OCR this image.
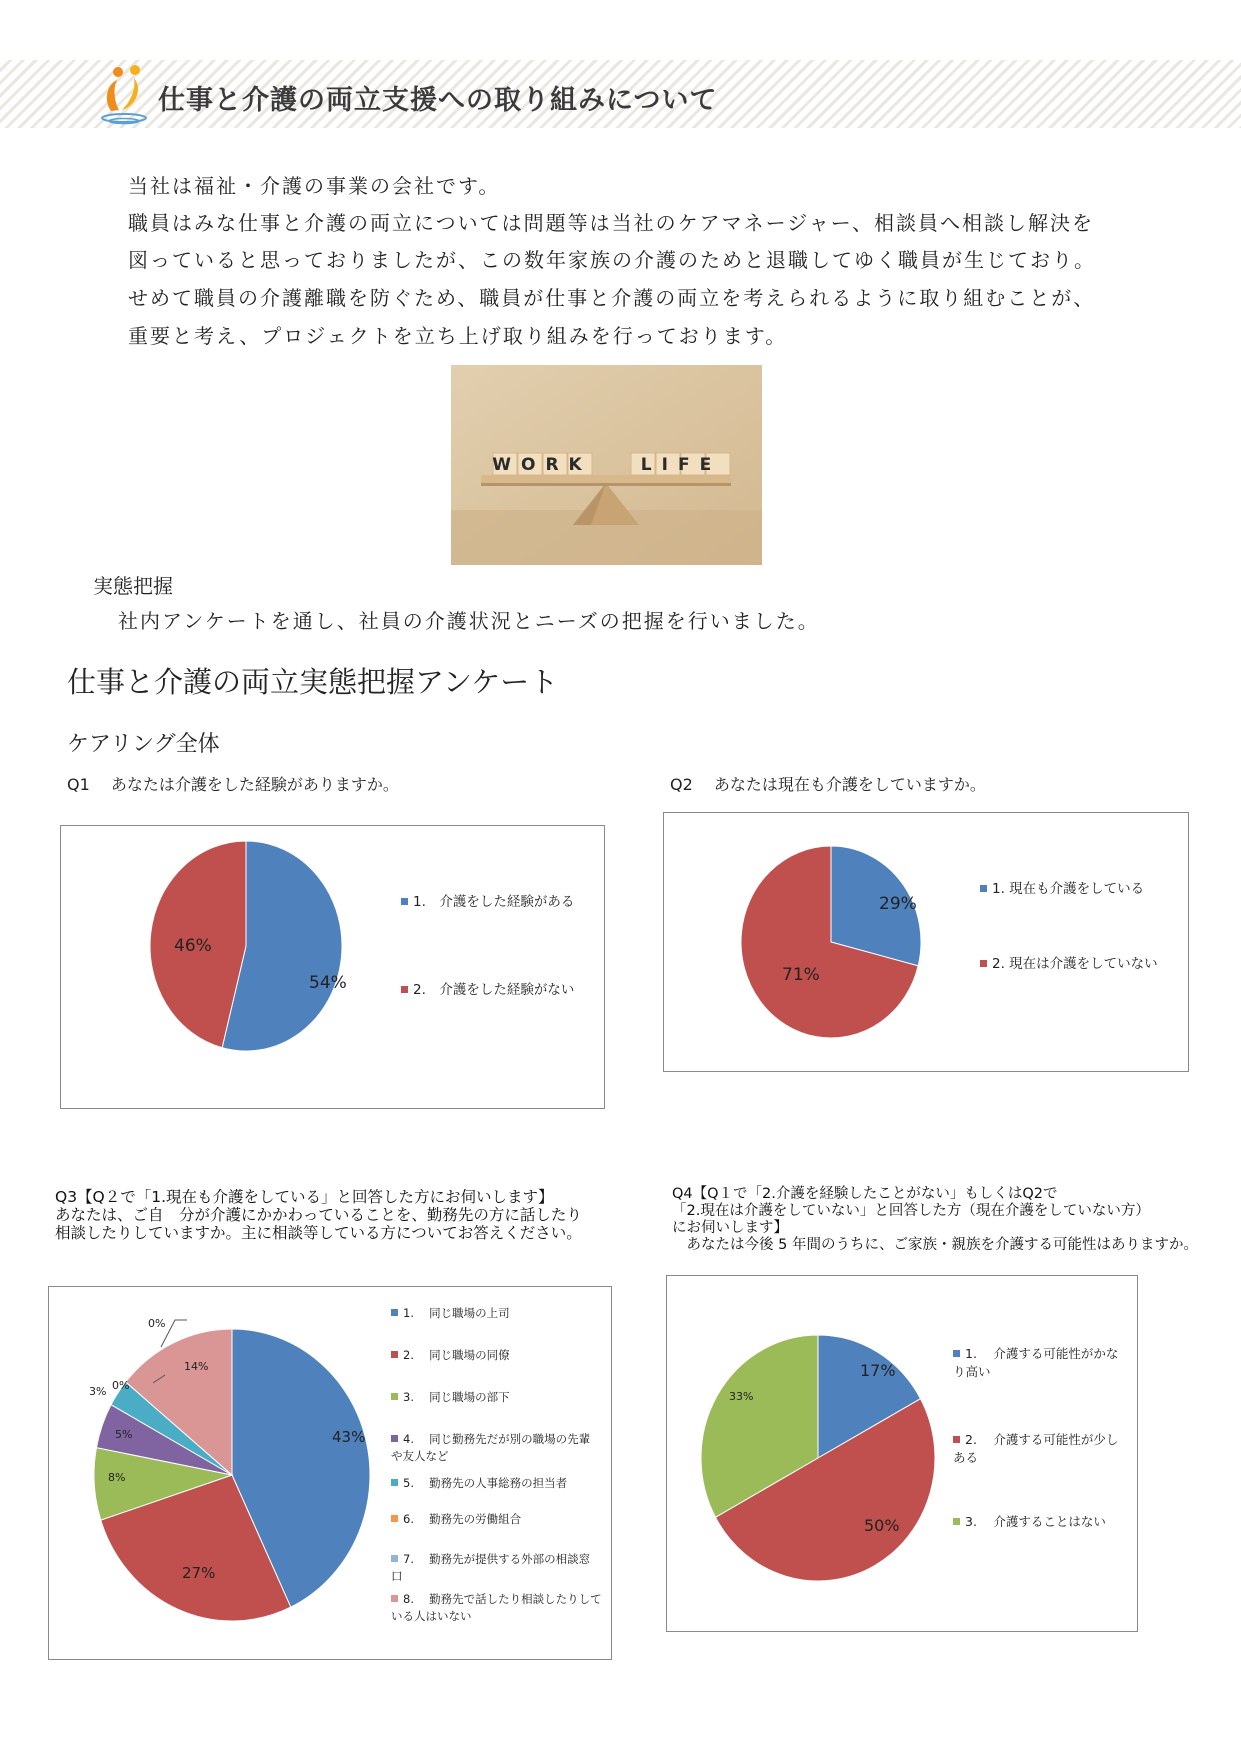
仕事と介護の両立支援への取り組みについて
当社は福祉・介護の事業の会社です。
職員はみな仕事と介護の両立については問題等は当社のケアマネージャー、相談員へ相談し解決を
図っていると思っておりましたが、この数年家族の介護のためと退職してゆく職員が生じており。
せめて職員の介護離職を防ぐため、職員が仕事と介護の両立を考えられるように取り組むことが、
重要と考え、プロジェクトを立ち上げ取り組みを行っております。
WORK	LIFE
実態把握
社内アンケートを通し、社員の介護状況とニーズの把握を行いました。
仕事と介護の両立実態把握アンケート
ケアリング全体
Q1　 あなたは介護をした経験がありますか。
54%
46%
1.　介護をした経験がある
2.　介護をした経験がない
Q2　 あなたは現在も介護をしていますか。
29%
71%
1. 現在も介護をしている
2. 現在は介護をしていない
Q3【Q２で「1.現在も介護をしている」と回答した方にお伺いします】
あなたは、ご自　分が介護にかかわっていることを、勤務先の方に話したり
相談したりしていますか。主に相談等している方についてお答えください。
43%
27%
8%
5%
3% 0%
0%
14%
1.　 同じ職場の上司
2.　 同じ職場の同僚
3.　 同じ職場の部下
4.　 同じ勤務先だが別の職場の先輩
や友人など
5.　 勤務先の人事総務の担当者
6.　 勤務先の労働組合
7.　 勤務先が提供する外部の相談窓
口
8.　 勤務先で話したり相談したりして
いる人はいない
Q4【Q１で「2.介護を経験したことがない」もしくはQ2で
「2.現在は介護をしていない」と回答した方（現在介護をしていない方）
にお伺いします】
　あなたは今後 5 年間のうちに、ご家族・親族を介護する可能性はありますか。
17%
50%
33%
1.　 介護する可能性がかな
り高い
2.　 介護する可能性が少し
ある
3.　 介護することはない
